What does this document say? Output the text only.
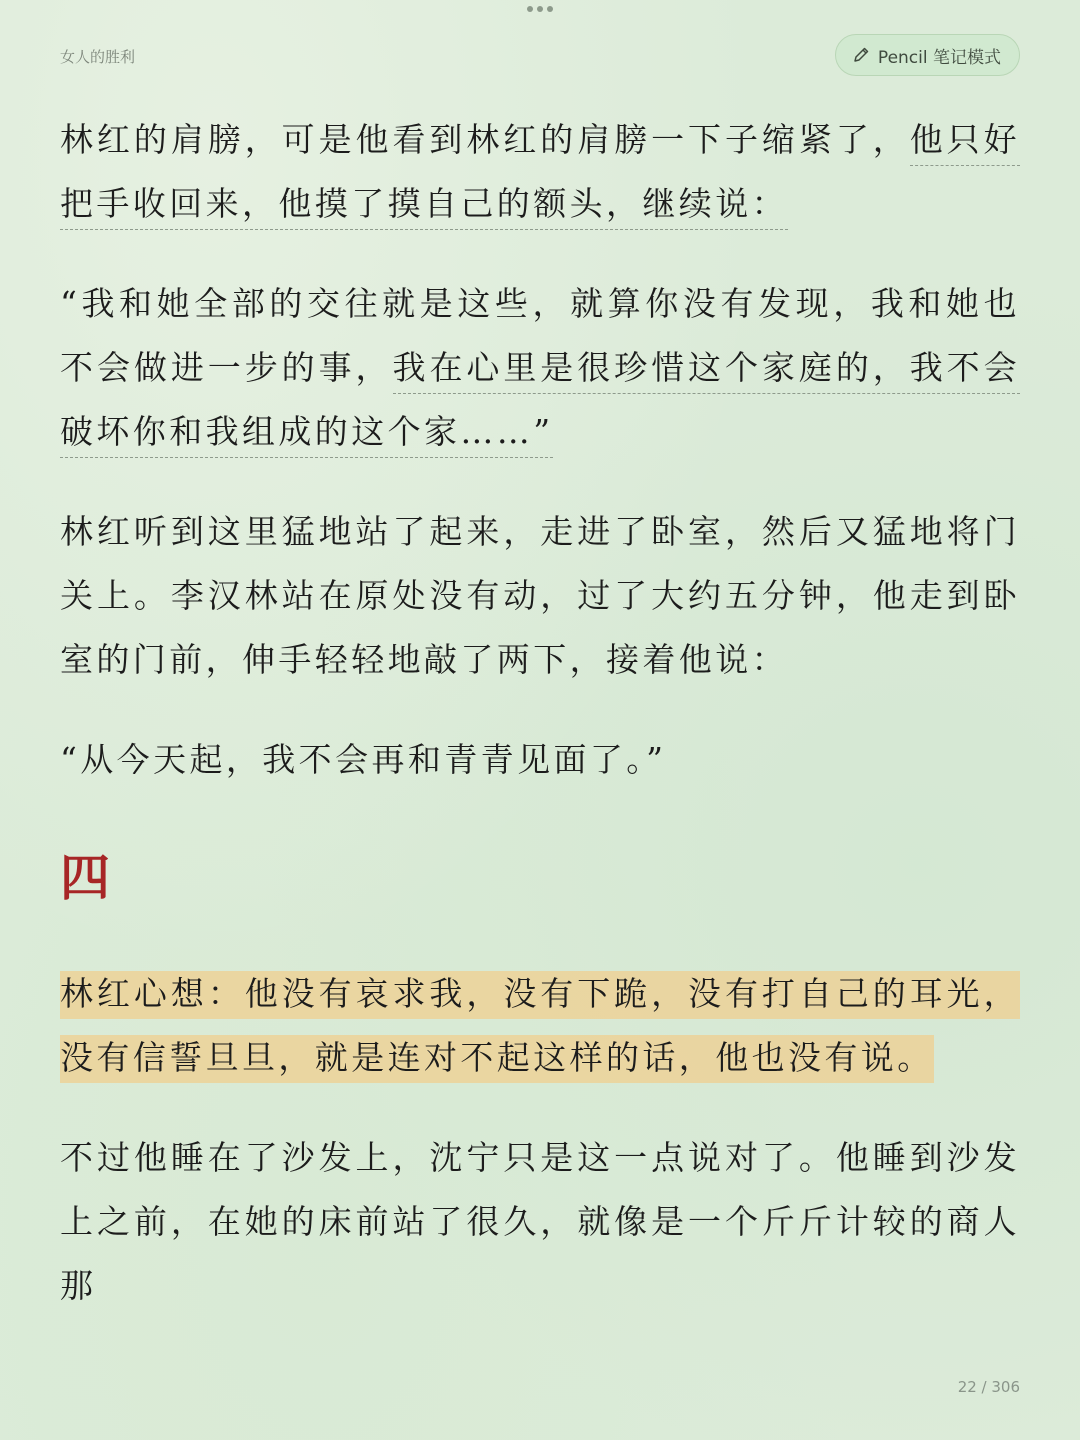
女人的胜利	Pencil 笔记模式

林红的肩膀，可是他看到林红的肩膀一下子缩紧了，他只好把手收回来，他摸了摸自己的额头，继续说：

“我和她全部的交往就是这些，就算你没有发现，我和她也不会做进一步的事，我在心里是很珍惜这个家庭的，我不会破坏你和我组成的这个家……”

林红听到这里猛地站了起来，走进了卧室，然后又猛地将门关上。李汉林站在原处没有动，过了大约五分钟，他走到卧室的门前，伸手轻轻地敲了两下，接着他说：

“从今天起，我不会再和青青见面了。”

四

林红心想：他没有哀求我，没有下跪，没有打自己的耳光，没有信誓旦旦，就是连对不起这样的话，他也没有说。

不过他睡在了沙发上，沈宁只是这一点说对了。他睡到沙发上之前，在她的床前站了很久，就像是一个斤斤计较的商人那

22 / 306
